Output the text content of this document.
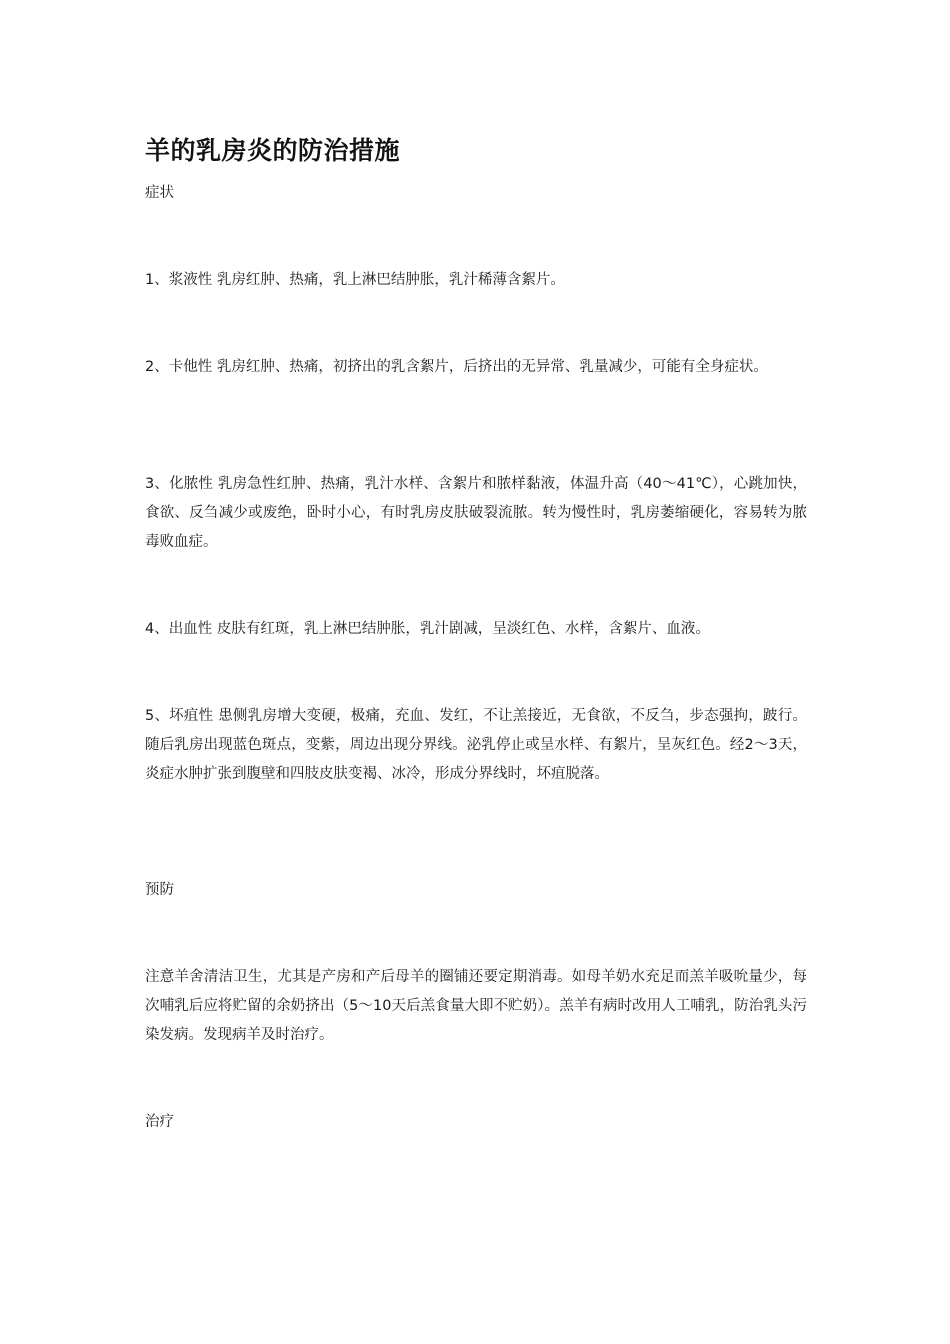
羊的乳房炎的防治措施

症状

1、浆液性 乳房红肿、热痛，乳上淋巴结肿胀，乳汁稀薄含絮片。

2、卡他性 乳房红肿、热痛，初挤出的乳含絮片，后挤出的无异常、乳量减少，可能有全身症状。

3、化脓性 乳房急性红肿、热痛，乳汁水样、含絮片和脓样黏液，体温升高（40～41℃），心跳加快，食欲、反刍减少或废绝，卧时小心，有时乳房皮肤破裂流脓。转为慢性时，乳房萎缩硬化，容易转为脓毒败血症。

4、出血性 皮肤有红斑，乳上淋巴结肿胀，乳汁剧减，呈淡红色、水样，含絮片、血液。

5、坏疽性 患侧乳房增大变硬，极痛，充血、发红，不让羔接近，无食欲，不反刍，步态强拘，跛行。随后乳房出现蓝色斑点，变紫，周边出现分界线。泌乳停止或呈水样、有絮片，呈灰红色。经2～3天，炎症水肿扩张到腹壁和四肢皮肤变褐、冰冷，形成分界线时，坏疽脱落。

预防

注意羊舍清洁卫生，尤其是产房和产后母羊的圈铺还要定期消毒。如母羊奶水充足而羔羊吸吮量少，每次哺乳后应将贮留的余奶挤出（5～10天后羔食量大即不贮奶）。羔羊有病时改用人工哺乳，防治乳头污染发病。发现病羊及时治疗。

治疗
